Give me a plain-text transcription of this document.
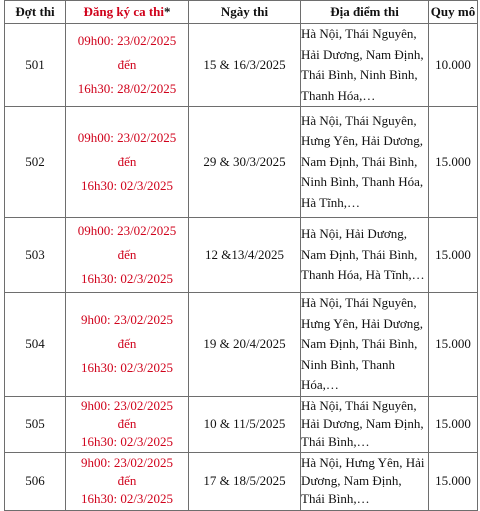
Đợt thi	Đăng ký ca thi*	Ngày thi	Địa điểm thi	Quy mô
501	09h00: 23/02/2025
đến
16h30: 28/02/2025	15 & 16/3/2025	Hà Nội, Thái Nguyên, Hải Dương, Nam Định, Thái Bình, Ninh Bình, Thanh Hóa,…	10.000
502	09h00: 23/02/2025
đến
16h30: 02/3/2025	29 & 30/3/2025	Hà Nội, Thái Nguyên, Hưng Yên, Hải Dương, Nam Định, Thái Bình, Ninh Bình, Thanh Hóa, Hà Tĩnh,…	15.000
503	09h00: 23/02/2025
đến
16h30: 02/3/2025	12 &13/4/2025	Hà Nội, Hải Dương, Nam Định, Thái Bình, Thanh Hóa, Hà Tĩnh,…	15.000
504	9h00: 23/02/2025
đến
16h30: 02/3/2025	19 & 20/4/2025	Hà Nội, Thái Nguyên, Hưng Yên, Hải Dương, Nam Định, Thái Bình, Ninh Bình, Thanh Hóa,…	15.000
505	9h00: 23/02/2025
đến
16h30: 02/3/2025	10 & 11/5/2025	Hà Nội, Thái Nguyên, Hải Dương, Nam Định, Thái Bình,…	15.000
506	9h00: 23/02/2025
đến
16h30: 02/3/2025	17 & 18/5/2025	Hà Nội, Hưng Yên, Hải Dương, Nam Định, Thái Bình,…	15.000
